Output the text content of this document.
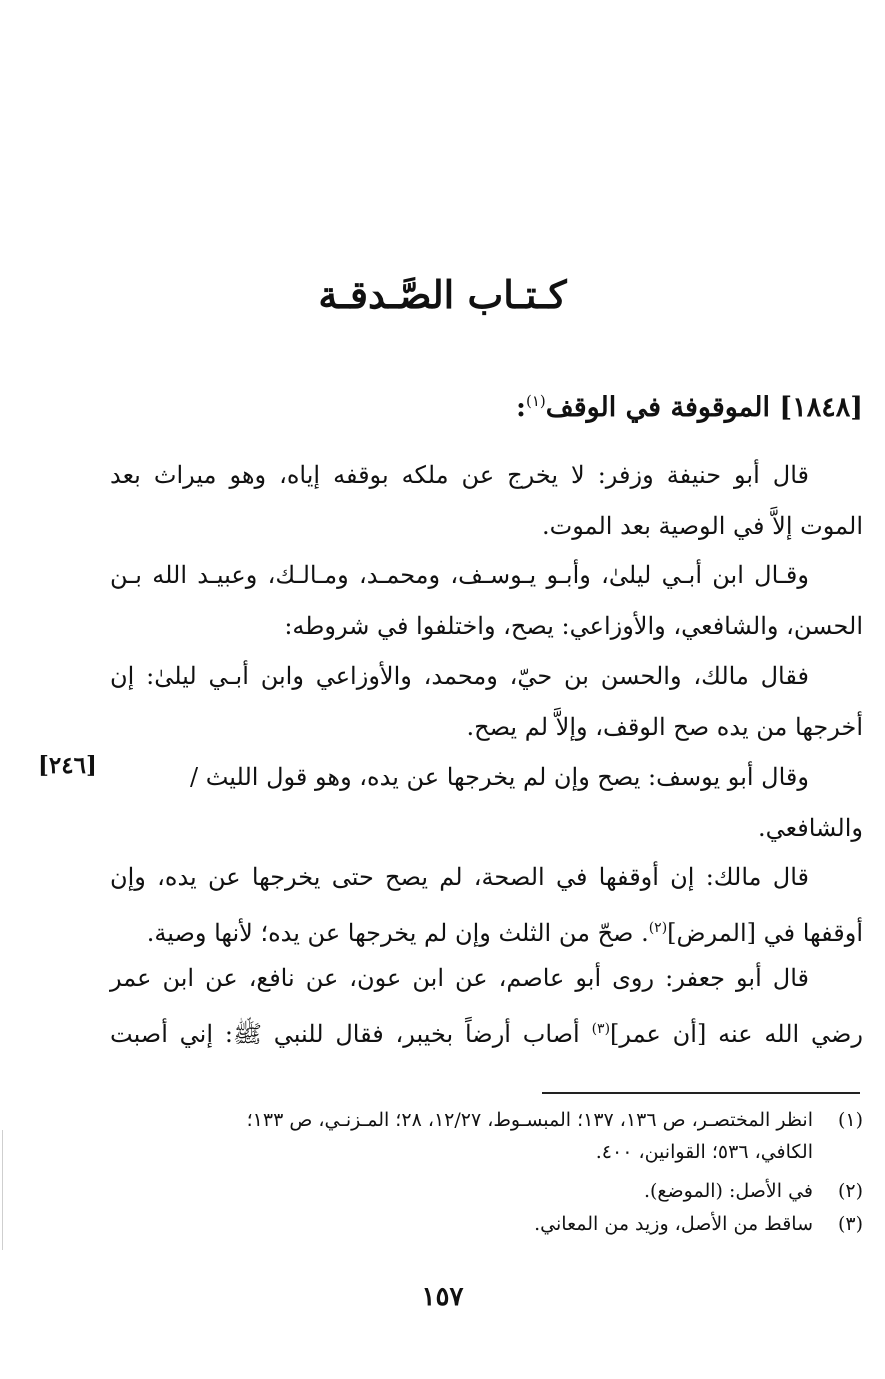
كـتـاب الصَّـدقـة
[١٨٤٨] الموقوفة في الوقف$^{(١)}$:
قال أبو حنيفة وزفر: لا يخرج عن ملكه بوقفه إياه، وهو ميراث بعد
الموت إلاَّ في الوصية بعد الموت.
وقـال ابن أبـي ليلىٰ، وأبـو يـوسـف، ومحمـد، ومـالـك، وعبيـد الله بـن
الحسن، والشافعي، والأوزاعي: يصح، واختلفوا في شروطه:
فقال مالك، والحسن بن حيّ، ومحمد، والأوزاعي وابن أبـي ليلىٰ: إن
أخرجها من يده صح الوقف، وإلاَّ لم يصح.
وقال أبو يوسف: يصح وإن لم يخرجها عن يده، وهو قول الليث /
والشافعي.
[٢٤٦]
قال مالك: إن أوقفها في الصحة، لم يصح حتى يخرجها عن يده، وإن
أوقفها في [المرض]$^{(٢)}$. صحّ من الثلث وإن لم يخرجها عن يده؛ لأنها وصية.
قال أبو جعفر: روى أبو عاصم، عن ابن عون، عن نافع، عن ابن عمر
رضي الله عنه [أن عمر]$^{(٣)}$ أصاب أرضاً بخيبر، فقال للنبي ﷺ: إني أصبت
(١)انظر المختصـر، ص ١٣٦، ١٣٧؛ المبسـوط، ١٢/٢٧، ٢٨؛ المـزنـي، ص ١٣٣؛
الكافي، ٥٣٦؛ القوانين، ٤٠٠.
(٢)في الأصل: (الموضع).
(٣)ساقط من الأصل، وزيد من المعاني.
١٥٧
